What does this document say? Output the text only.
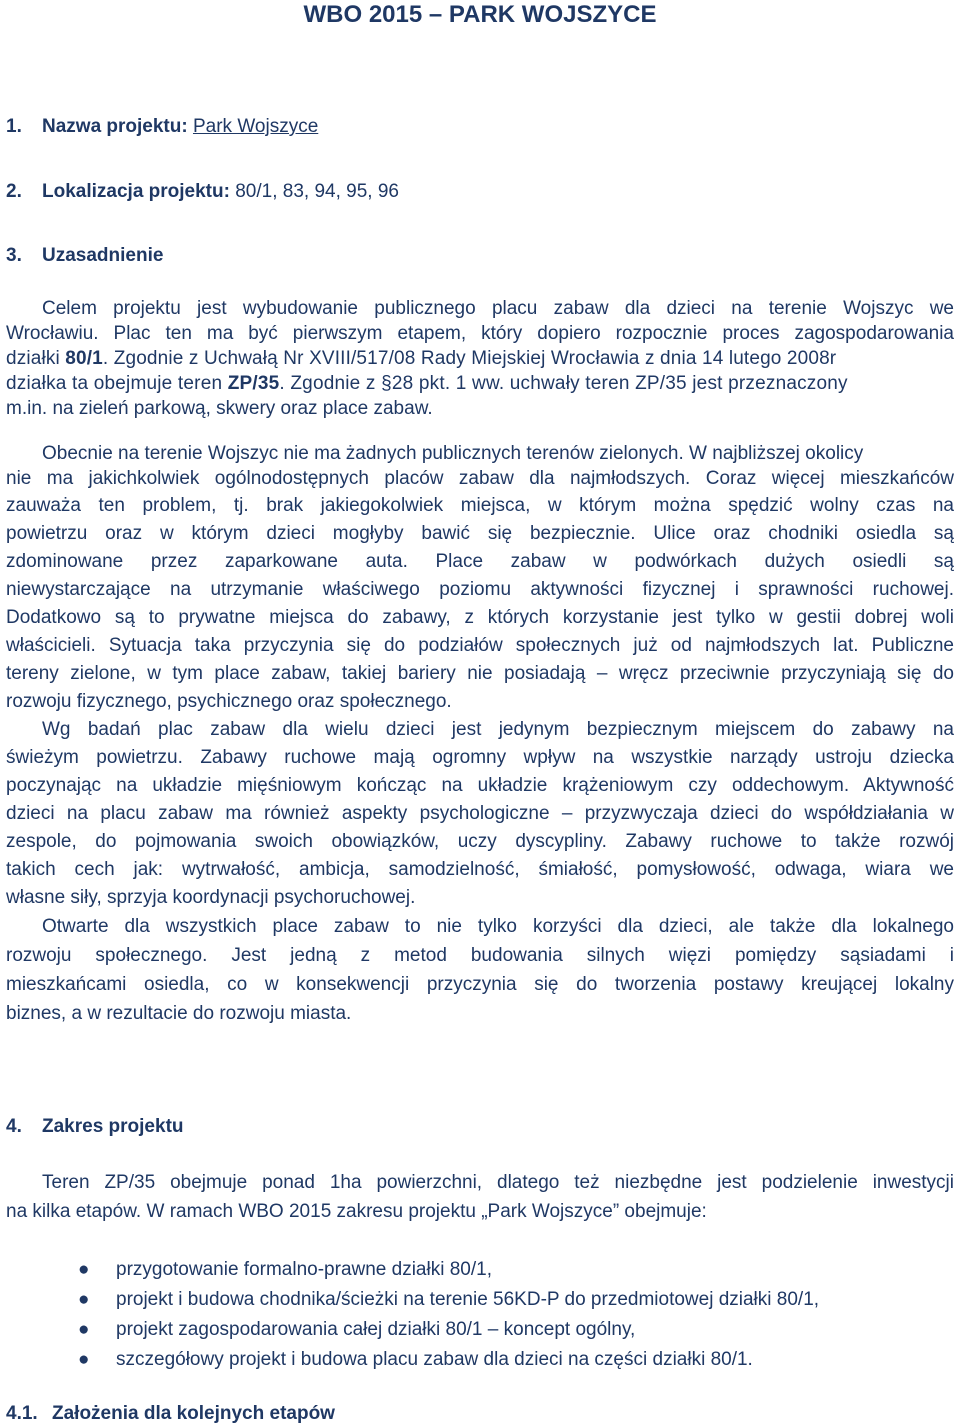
WBO 2015 – PARK WOJSZYCE
1. Nazwa projektu: Park Wojszyce
2. Lokalizacja projektu: 80/1, 83, 94, 95, 96
3. Uzasadnienie
Celem projektu jest wybudowanie publicznego placu zabaw dla dzieci na terenie Wojszyc we
Wrocławiu. Plac ten ma być pierwszym etapem, który dopiero rozpocznie proces zagospodarowania
działki 80/1. Zgodnie z Uchwałą Nr XVIII/517/08 Rady Miejskiej Wrocławia z dnia 14 lutego 2008r
działka ta obejmuje teren ZP/35. Zgodnie z §28 pkt. 1 ww. uchwały teren ZP/35 jest przeznaczony
m.in. na zieleń parkową, skwery oraz place zabaw.
Obecnie na terenie Wojszyc nie ma żadnych publicznych terenów zielonych. W najbliższej okolicy
nie ma jakichkolwiek ogólnodostępnych placów zabaw dla najmłodszych. Coraz więcej mieszkańców
zauważa ten problem, tj. brak jakiegokolwiek miejsca, w którym można spędzić wolny czas na
powietrzu oraz w którym dzieci mogłyby bawić się bezpiecznie. Ulice oraz chodniki osiedla są
zdominowane przez zaparkowane auta. Place zabaw w podwórkach dużych osiedli są
niewystarczające na utrzymanie właściwego poziomu aktywności fizycznej i sprawności ruchowej.
Dodatkowo są to prywatne miejsca do zabawy, z których korzystanie jest tylko w gestii dobrej woli
właścicieli. Sytuacja taka przyczynia się do podziałów społecznych już od najmłodszych lat. Publiczne
tereny zielone, w tym place zabaw, takiej bariery nie posiadają – wręcz przeciwnie przyczyniają się do
rozwoju fizycznego, psychicznego oraz społecznego.
Wg badań plac zabaw dla wielu dzieci jest jedynym bezpiecznym miejscem do zabawy na
świeżym powietrzu. Zabawy ruchowe mają ogromny wpływ na wszystkie narządy ustroju dziecka
poczynając na układzie mięśniowym kończąc na układzie krążeniowym czy oddechowym. Aktywność
dzieci na placu zabaw ma również aspekty psychologiczne – przyzwyczaja dzieci do współdziałania w
zespole, do pojmowania swoich obowiązków, uczy dyscypliny. Zabawy ruchowe to także rozwój
takich cech jak: wytrwałość, ambicja, samodzielność, śmiałość, pomysłowość, odwaga, wiara we
własne siły, sprzyja koordynacji psychoruchowej.
Otwarte dla wszystkich place zabaw to nie tylko korzyści dla dzieci, ale także dla lokalnego
rozwoju społecznego. Jest jedną z metod budowania silnych więzi pomiędzy sąsiadami i
mieszkańcami osiedla, co w konsekwencji przyczynia się do tworzenia postawy kreującej lokalny
biznes, a w rezultacie do rozwoju miasta.
4. Zakres projektu
Teren ZP/35 obejmuje ponad 1ha powierzchni, dlatego też niezbędne jest podzielenie inwestycji
na kilka etapów. W ramach WBO 2015 zakresu projektu „Park Wojszyce” obejmuje:
● przygotowanie formalno-prawne działki 80/1,
● projekt i budowa chodnika/ścieżki na terenie 56KD-P do przedmiotowej działki 80/1,
● projekt zagospodarowania całej działki 80/1 – koncept ogólny,
● szczegółowy projekt i budowa placu zabaw dla dzieci na części działki 80/1.
4.1. Założenia dla kolejnych etapów
